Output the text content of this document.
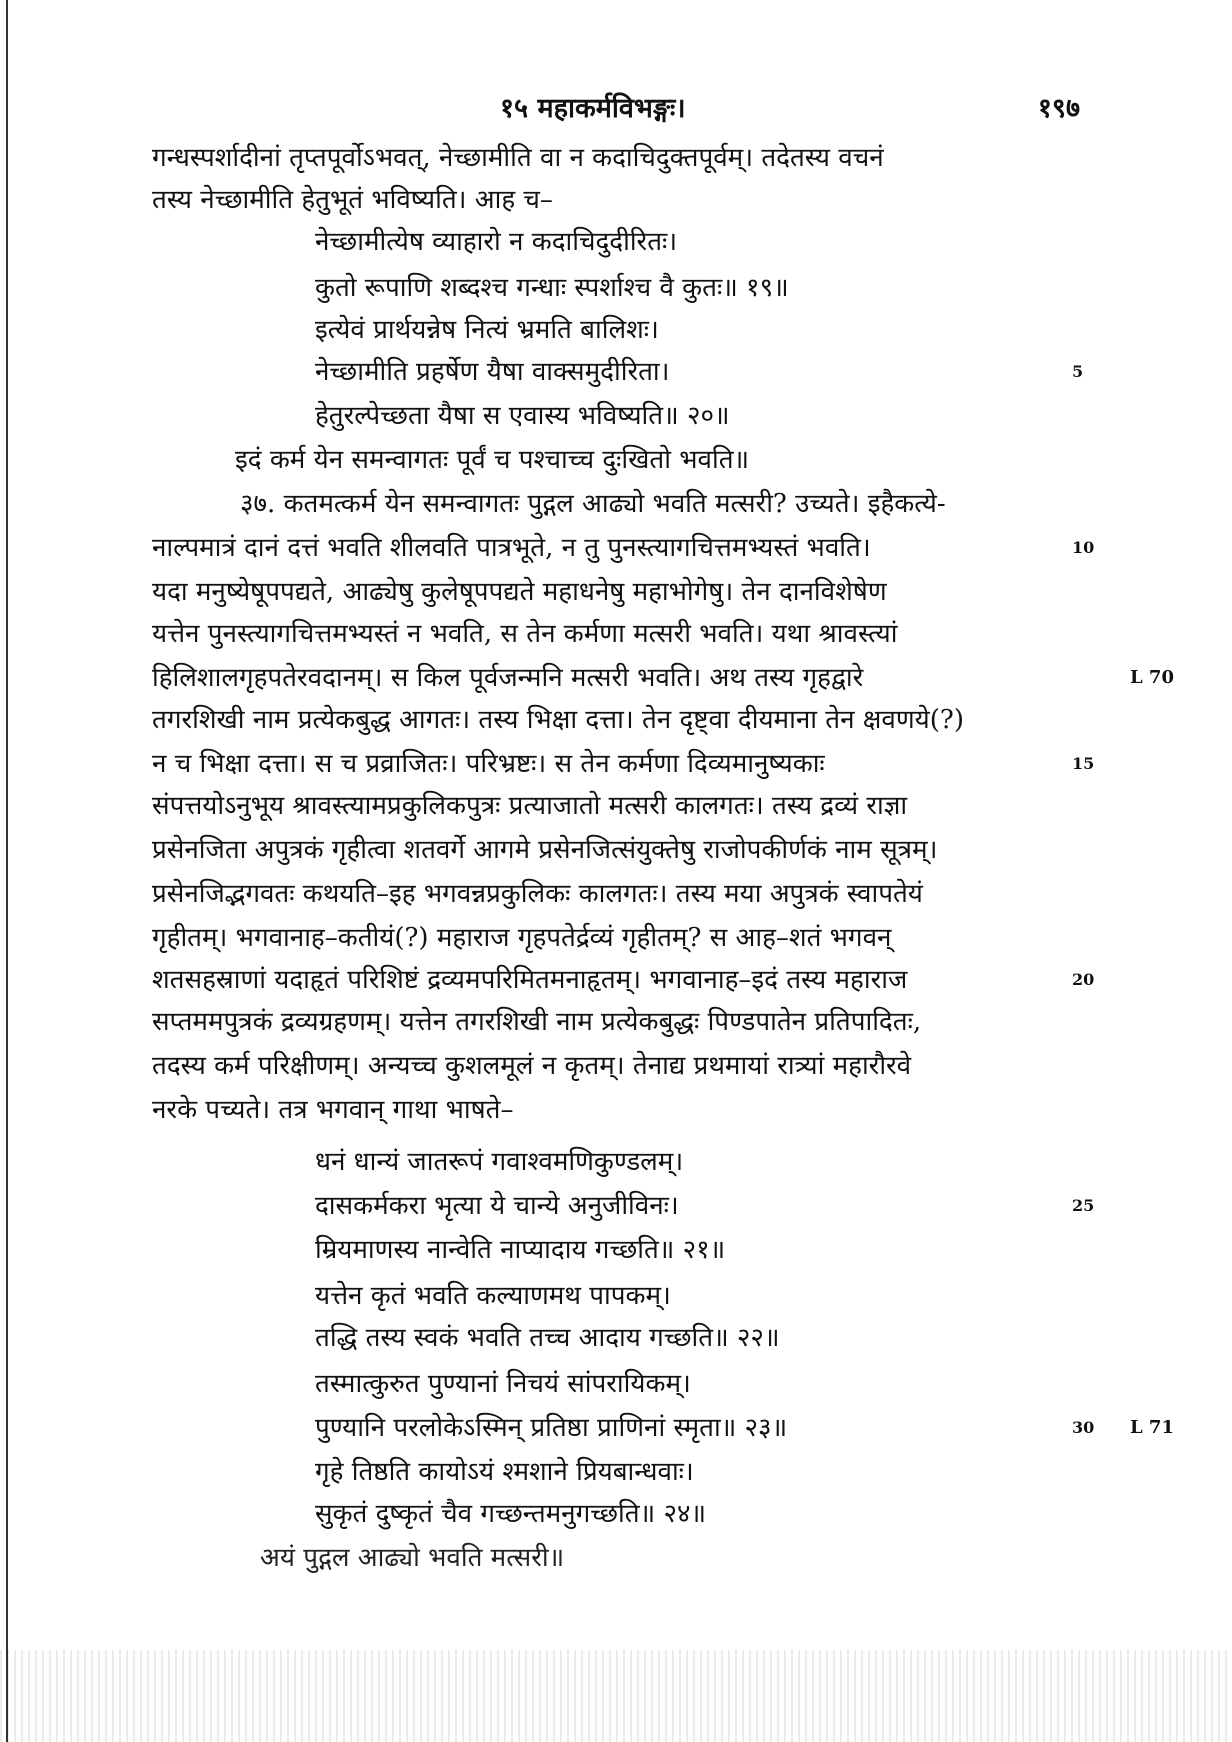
१५ महाकर्मविभङ्गः।	१९७
गन्धस्पर्शादीनां तृप्तपूर्वोऽभवत्, नेच्छामीति वा न कदाचिदुक्तपूर्वम्। तदेतस्य वचनं
तस्य नेच्छामीति हेतुभूतं भविष्यति। आह च–
नेच्छामीत्येष व्याहारो न कदाचिदुदीरितः।
कुतो रूपाणि शब्दश्च गन्धाः स्पर्शाश्च वै कुतः॥ १९॥
इत्येवं प्रार्थयन्नेष नित्यं भ्रमति बालिशः।
नेच्छामीति प्रहर्षेण यैषा वाक्समुदीरिता।
हेतुरल्पेच्छता यैषा स एवास्य भविष्यति॥ २०॥
इदं कर्म येन समन्वागतः पूर्वं च पश्चाच्च दुःखितो भवति॥
३७. कतमत्कर्म येन समन्वागतः पुद्गल आढ्यो भवति मत्सरी? उच्यते। इहैकत्ये-
नाल्पमात्रं दानं दत्तं भवति शीलवति पात्रभूते, न तु पुनस्त्यागचित्तमभ्यस्तं भवति।
यदा मनुष्येषूपपद्यते, आढ्येषु कुलेषूपपद्यते महाधनेषु महाभोगेषु। तेन दानविशेषेण
यत्तेन पुनस्त्यागचित्तमभ्यस्तं न भवति, स तेन कर्मणा मत्सरी भवति। यथा श्रावस्त्यां
हिलिशालगृहपतेरवदानम्। स किल पूर्वजन्मनि मत्सरी भवति। अथ तस्य गृहद्वारे
तगरशिखी नाम प्रत्येकबुद्ध आगतः। तस्य भिक्षा दत्ता। तेन दृष्ट्वा दीयमाना तेन क्षवणये(?)
न च भिक्षा दत्ता। स च प्रव्राजितः। परिभ्रष्टः। स तेन कर्मणा दिव्यमानुष्यकाः
संपत्तयोऽनुभूय श्रावस्त्यामप्रकुलिकपुत्रः प्रत्याजातो मत्सरी कालगतः। तस्य द्रव्यं राज्ञा
प्रसेनजिता अपुत्रकं गृहीत्वा शतवर्गे आगमे प्रसेनजित्संयुक्तेषु राजोपकीर्णकं नाम सूत्रम्।
प्रसेनजिद्भगवतः कथयति–इह भगवन्नप्रकुलिकः कालगतः। तस्य मया अपुत्रकं स्वापतेयं
गृहीतम्। भगवानाह–कतीयं(?) महाराज गृहपतेर्द्रव्यं गृहीतम्? स आह–शतं भगवन्
शतसहस्राणां यदाहृतं परिशिष्टं द्रव्यमपरिमितमनाहृतम्। भगवानाह–इदं तस्य महाराज
सप्तममपुत्रकं द्रव्यग्रहणम्। यत्तेन तगरशिखी नाम प्रत्येकबुद्धः पिण्डपातेन प्रतिपादितः,
तदस्य कर्म परिक्षीणम्। अन्यच्च कुशलमूलं न कृतम्। तेनाद्य प्रथमायां रात्र्यां महारौरवे
नरके पच्यते। तत्र भगवान् गाथा भाषते–
धनं धान्यं जातरूपं गवाश्वमणिकुण्डलम्।
दासकर्मकरा भृत्या ये चान्ये अनुजीविनः।
म्रियमाणस्य नान्वेति नाप्यादाय गच्छति॥ २१॥
यत्तेन कृतं भवति कल्याणमथ पापकम्।
तद्धि तस्य स्वकं भवति तच्च आदाय गच्छति॥ २२॥
तस्मात्कुरुत पुण्यानां निचयं सांपरायिकम्।
पुण्यानि परलोकेऽस्मिन् प्रतिष्ठा प्राणिनां स्मृता॥ २३॥
गृहे तिष्ठति कायोऽयं श्मशाने प्रियबान्धवाः।
सुकृतं दुष्कृतं चैव गच्छन्तमनुगच्छति॥ २४॥
अयं पुद्गल आढ्यो भवति मत्सरी॥
5
10
15
20
25
30
L 70
L 71
